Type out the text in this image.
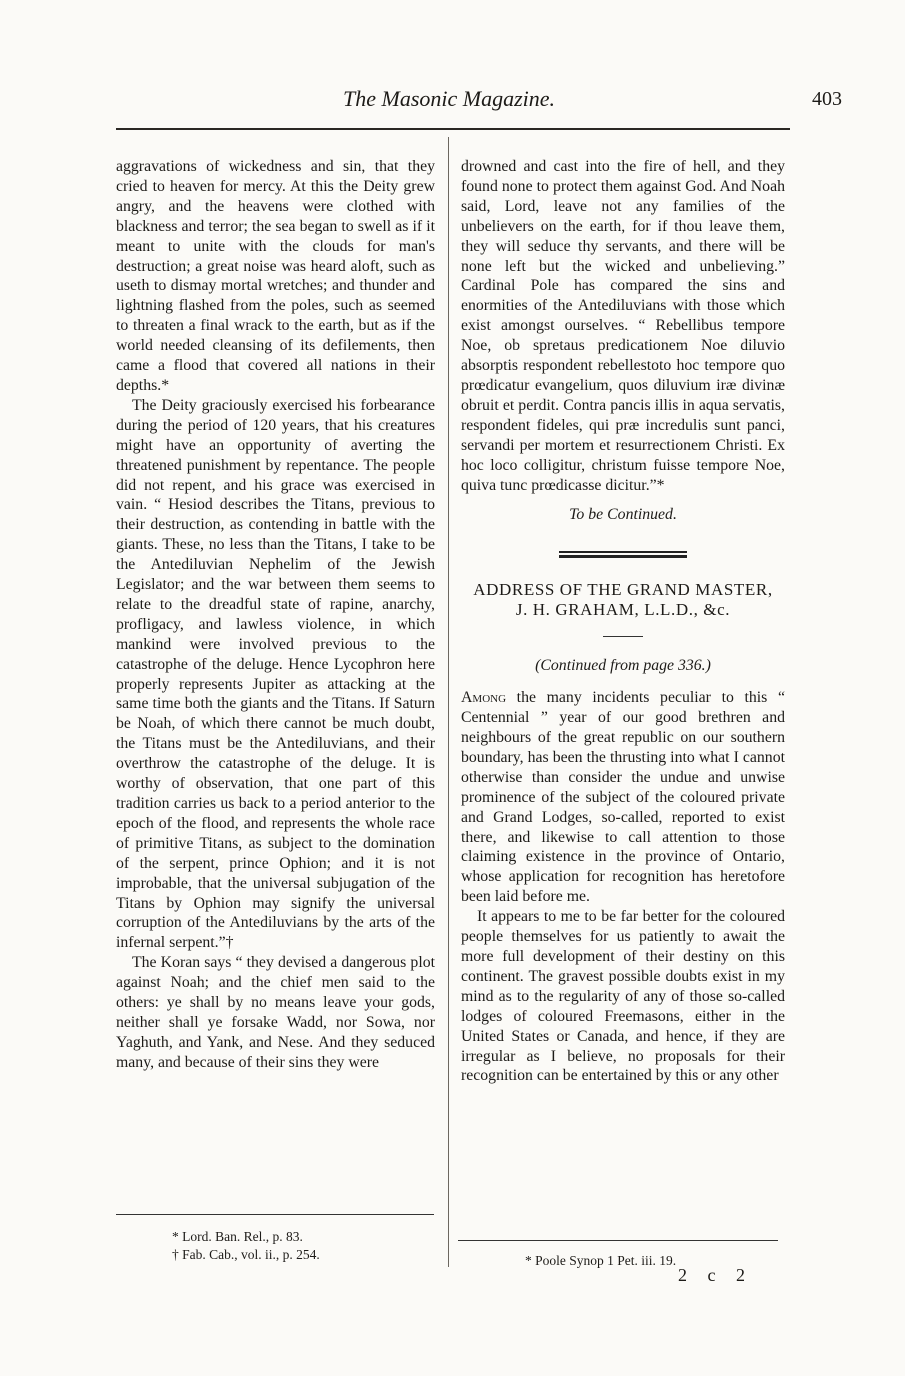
The Masonic Magazine.	403

aggravations of wickedness and sin, that they cried to heaven for mercy. At this the Deity grew angry, and the heavens were clothed with blackness and terror; the sea began to swell as if it meant to unite with the clouds for man's destruction; a great noise was heard aloft, such as useth to dismay mortal wretches; and thunder and lightning flashed from the poles, such as seemed to threaten a final wrack to the earth, but as if the world needed cleansing of its defilements, then came a flood that covered all nations in their depths.*

The Deity graciously exercised his forbearance during the period of 120 years, that his creatures might have an opportunity of averting the threatened punishment by repentance. The people did not repent, and his grace was exercised in vain. “ Hesiod describes the Titans, previous to their destruction, as contending in battle with the giants. These, no less than the Titans, I take to be the Antediluvian Nephelim of the Jewish Legislator; and the war between them seems to relate to the dreadful state of rapine, anarchy, profligacy, and lawless violence, in which mankind were involved previous to the catastrophe of the deluge. Hence Lycophron here properly represents Jupiter as attacking at the same time both the giants and the Titans. If Saturn be Noah, of which there cannot be much doubt, the Titans must be the Antediluvians, and their overthrow the catastrophe of the deluge. It is worthy of observation, that one part of this tradition carries us back to a period anterior to the epoch of the flood, and represents the whole race of primitive Titans, as subject to the domination of the serpent, prince Ophion; and it is not improbable, that the universal subjugation of the Titans by Ophion may signify the universal corruption of the Antediluvians by the arts of the infernal serpent.”†

The Koran says “ they devised a dangerous plot against Noah; and the chief men said to the others: ye shall by no means leave your gods, neither shall ye forsake Wadd, nor Sowa, nor Yaghuth, and Yank, and Nese. And they seduced many, and because of their sins they were

drowned and cast into the fire of hell, and they found none to protect them against God. And Noah said, Lord, leave not any families of the unbelievers on the earth, for if thou leave them, they will seduce thy servants, and there will be none left but the wicked and unbelieving.” Cardinal Pole has compared the sins and enormities of the Antediluvians with those which exist amongst ourselves. “ Rebellibus tempore Noe, ob spretaus predicationem Noe diluvio absorptis respondent rebellestoto hoc tempore quo prœdicatur evangelium, quos diluvium iræ divinæ obruit et perdit. Contra pancis illis in aqua servatis, respondent fideles, qui præ incredulis sunt panci, servandi per mortem et resurrectionem Christi. Ex hoc loco colligitur, christum fuisse tempore Noe, quiva tunc prœdicasse dicitur.”*

To be Continued.

ADDRESS OF THE GRAND MASTER,
J. H. GRAHAM, L.L.D., &c.

(Continued from page 336.)

Among the many incidents peculiar to this “ Centennial ” year of our good brethren and neighbours of the great republic on our southern boundary, has been the thrusting into what I cannot otherwise than consider the undue and unwise prominence of the subject of the coloured private and Grand Lodges, so-called, reported to exist there, and likewise to call attention to those claiming existence in the province of Ontario, whose application for recognition has heretofore been laid before me.

It appears to me to be far better for the coloured people themselves for us patiently to await the more full development of their destiny on this continent. The gravest possible doubts exist in my mind as to the regularity of any of those so-called lodges of coloured Freemasons, either in the United States or Canada, and hence, if they are irregular as I believe, no proposals for their recognition can be entertained by this or any other

* Lord. Ban. Rel., p. 83.
† Fab. Cab., vol. ii., p. 254.	* Poole Synop 1 Pet. iii. 19.
2 c 2
